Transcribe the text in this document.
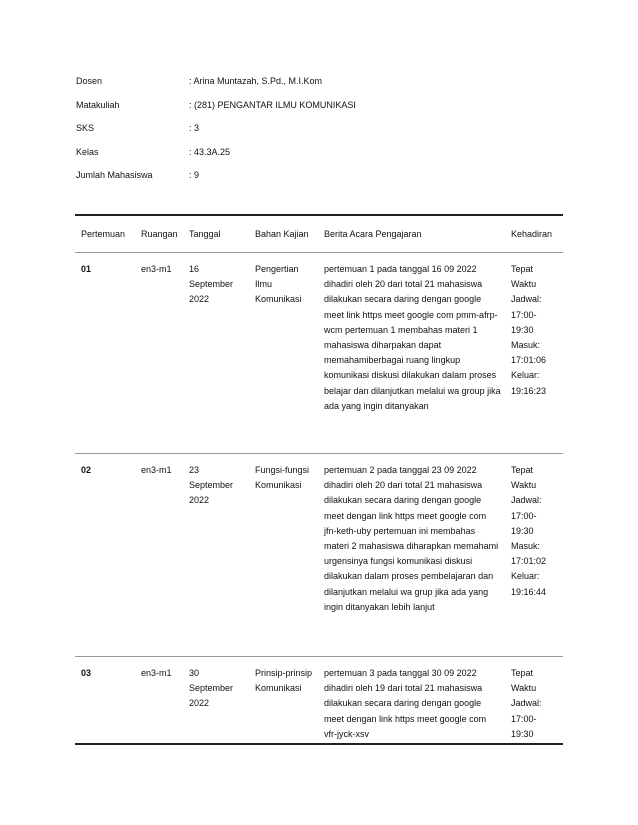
Dosen	: Arina Muntazah, S.Pd., M.I.Kom
Matakuliah	: (281) PENGANTAR ILMU KOMUNIKASI
SKS	: 3
Kelas	: 43.3A.25
Jumlah Mahasiswa	: 9
Pertemuan	Ruangan	Tanggal	Bahan Kajian	Berita Acara Pengajaran	Kehadiran
01	en3-m1	16 September 2022	Pengertian Ilmu Komunikasi	pertemuan 1 pada tanggal 16 09 2022 dihadiri oleh 20 dari total 21 mahasiswa dilakukan secara daring dengan google meet link https meet google com pmm-afrp-wcm pertemuan 1 membahas materi 1 mahasiswa diharpakan dapat memahamiberbagai ruang lingkup komunikasi diskusi dilakukan dalam proses belajar dan dilanjutkan melalui wa group jika ada yang ingin ditanyakan	Tepat Waktu Jadwal: 17:00-19:30 Masuk: 17:01:06 Keluar: 19:16:23
02	en3-m1	23 September 2022	Fungsi-fungsi Komunikasi	pertemuan 2 pada tanggal 23 09 2022 dihadiri oleh 20 dari total 21 mahasiswa dilakukan secara daring dengan google meet dengan link https meet google com jfn-keth-uby pertemuan ini membahas materi 2 mahasiswa diharapkan memahami urgensinya fungsi komunikasi diskusi dilakukan dalam proses pembelajaran dan dilanjutkan melalui wa grup jika ada yang ingin ditanyakan lebih lanjut	Tepat Waktu Jadwal: 17:00-19:30 Masuk: 17:01:02 Keluar: 19:16:44
03	en3-m1	30 September 2022	Prinsip-prinsip Komunikasi	pertemuan 3 pada tanggal 30 09 2022 dihadiri oleh 19 dari total 21 mahasiswa dilakukan secara daring dengan google meet dengan link https meet google com vfr-jyck-xsv	Tepat Waktu Jadwal: 17:00-19:30
